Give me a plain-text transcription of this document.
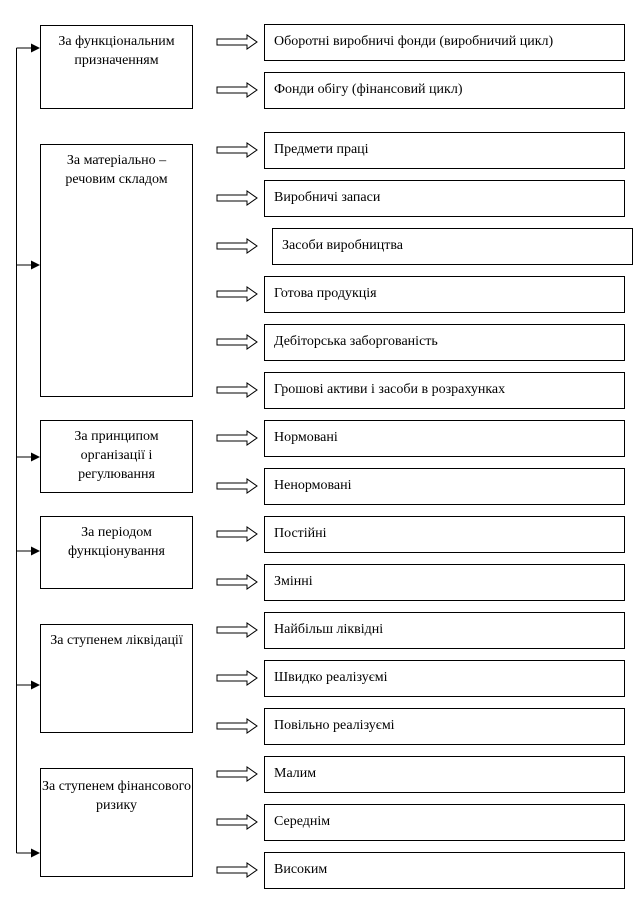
За функціональним призначенням
За матеріально – речовим складом
За принципом організації і регулювання
За періодом функціонування
За ступенем ліквідації
За ступенем фінансового ризику
Оборотні виробничі фонди (виробничий цикл)
Фонди обігу (фінансовий цикл)
Предмети праці
Виробничі запаси
Засоби виробництва
Готова продукція
Дебіторська заборгованість
Грошові активи і засоби в розрахунках
Нормовані
Ненормовані
Постійні
Змінні
Найбільш ліквідні
Швидко реалізуємі
Повільно реалізуємі
Малим
Середнім
Високим
